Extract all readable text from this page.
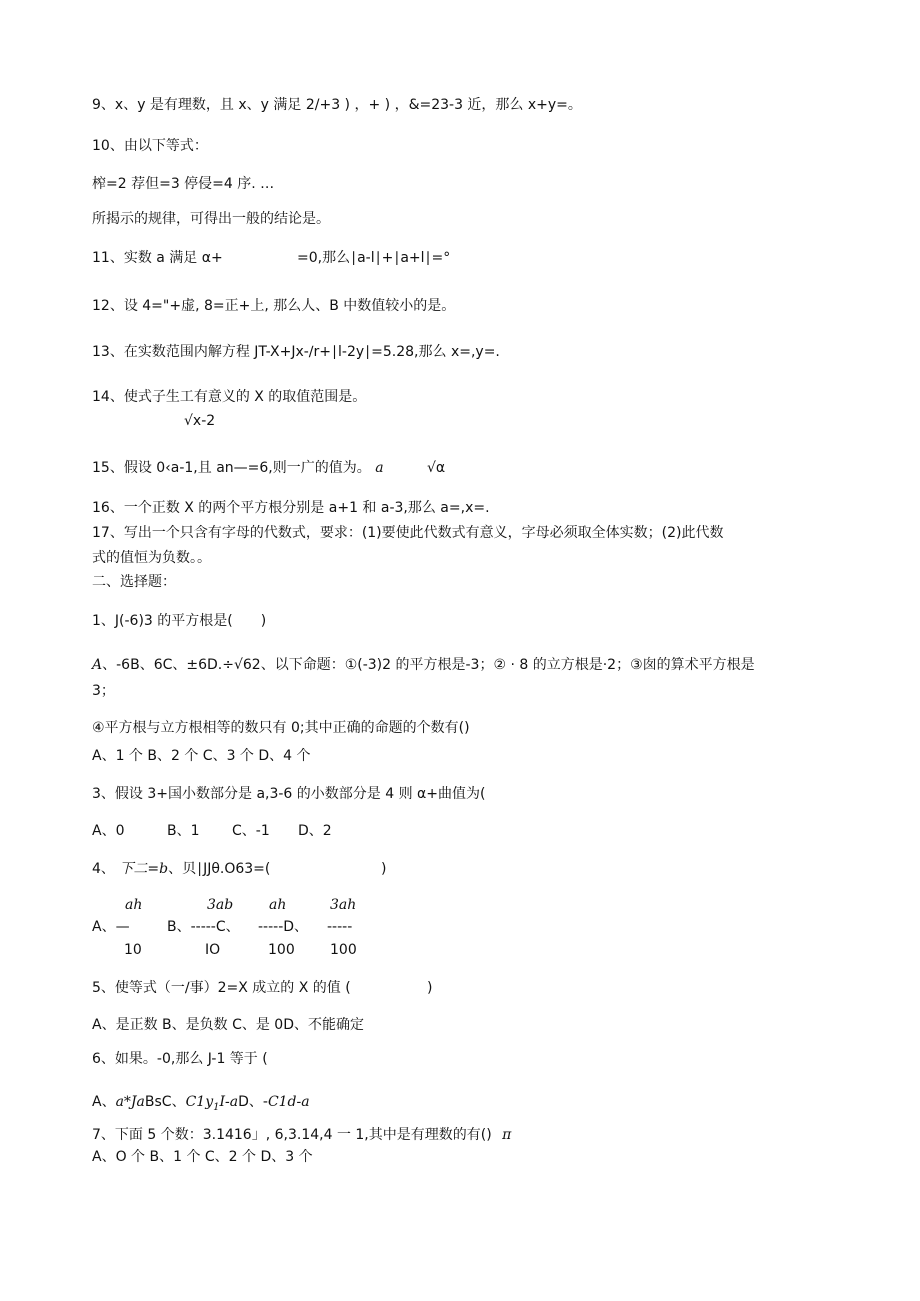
9、x、y 是有理数，且 x、y 满足 2/+3 ) ，+ ) ，&=23-3 近，那么 x+y=。
10、由以下等式：
榨=2 荐但=3 停侵=4 序. …
所揭示的规律，可得出一般的结论是。
11、实数 a 满足 α+	=0,那么∣a-l∣+∣a+l∣=°
12、设 4="+虚, 8=正+上, 那么人、B 中数值较小的是。
13、在实数范围内解方程 JT-X+Jx-∕r+∣l-2y∣=5.28,那么 x=,y=.
14、使式子生工有意义的 X 的取值范围是。
√x-2
15、假设 0‹a-1,且 an—=6,则一广的值为。 a	√α
16、一个正数 X 的两个平方根分别是 a+1 和 a-3,那么 a=,x=.
17、写出一个只含有字母的代数式，要求：(1)要使此代数式有意义，字母必须取全体实数；(2)此代数
式的值恒为负数。。
二、选择题：
1、J(-6)3 的平方根是(　　)
A、-6B、6C、±6D.÷√62、以下命题：①(-3)2 的平方根是-3；② · 8 的立方根是·2；③囱的算术平方根是
3；
④平方根与立方根相等的数只有 0;其中正确的命题的个数有()
A、1 个 B、2 个 C、3 个 D、4 个
3、假设 3+国小数部分是 a,3-6 的小数部分是 4 则 α+曲值为(
A、0	B、1 C、-1 D、2
4、 下二=b、贝∣JJθ.O63=(	)
ah	3ab	ah	3ah
A、—	B、-----C、 -----D、 -----
10	IO	100	100
5、使等式（一∕事）2=X 成立的 X 的值 (	)
A、是正数 B、是负数 C、是 0D、不能确定
6、如果。-0,那么 J-1 等于 (
A、a*JaBsC、$C1y_1I-aD$、-C1d-a
7、下面 5 个数：3.1416」, 6,3.14,4 一 1,其中是有理数的有() π
A、O 个 B、1 个 C、2 个 D、3 个
